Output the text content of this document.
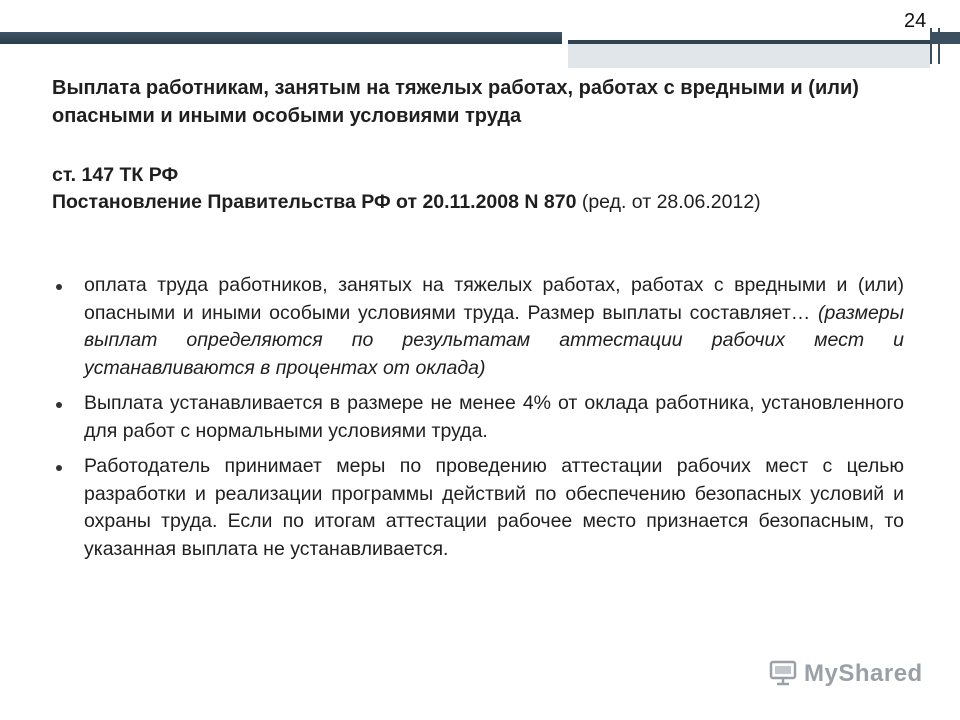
24
Выплата работникам, занятым на тяжелых работах, работах с вредными и (или) опасными и иными особыми условиями труда
ст. 147 ТК РФ
Постановление Правительства РФ от 20.11.2008 N 870 (ред. от 28.06.2012)
оплата труда работников, занятых на тяжелых работах, работах с вредными и (или) опасными и иными особыми условиями труда. Размер выплаты составляет… (размеры выплат определяются по результатам аттестации рабочих мест и устанавливаются в процентах от оклада)
Выплата устанавливается в размере не менее 4% от оклада работника, установленного для работ с нормальными условиями труда.
Работодатель принимает меры по проведению аттестации рабочих мест с целью разработки и реализации программы действий по обеспечению безопасных условий и охраны труда. Если по итогам аттестации рабочее место признается безопасным, то указанная выплата не устанавливается.
MyShared
